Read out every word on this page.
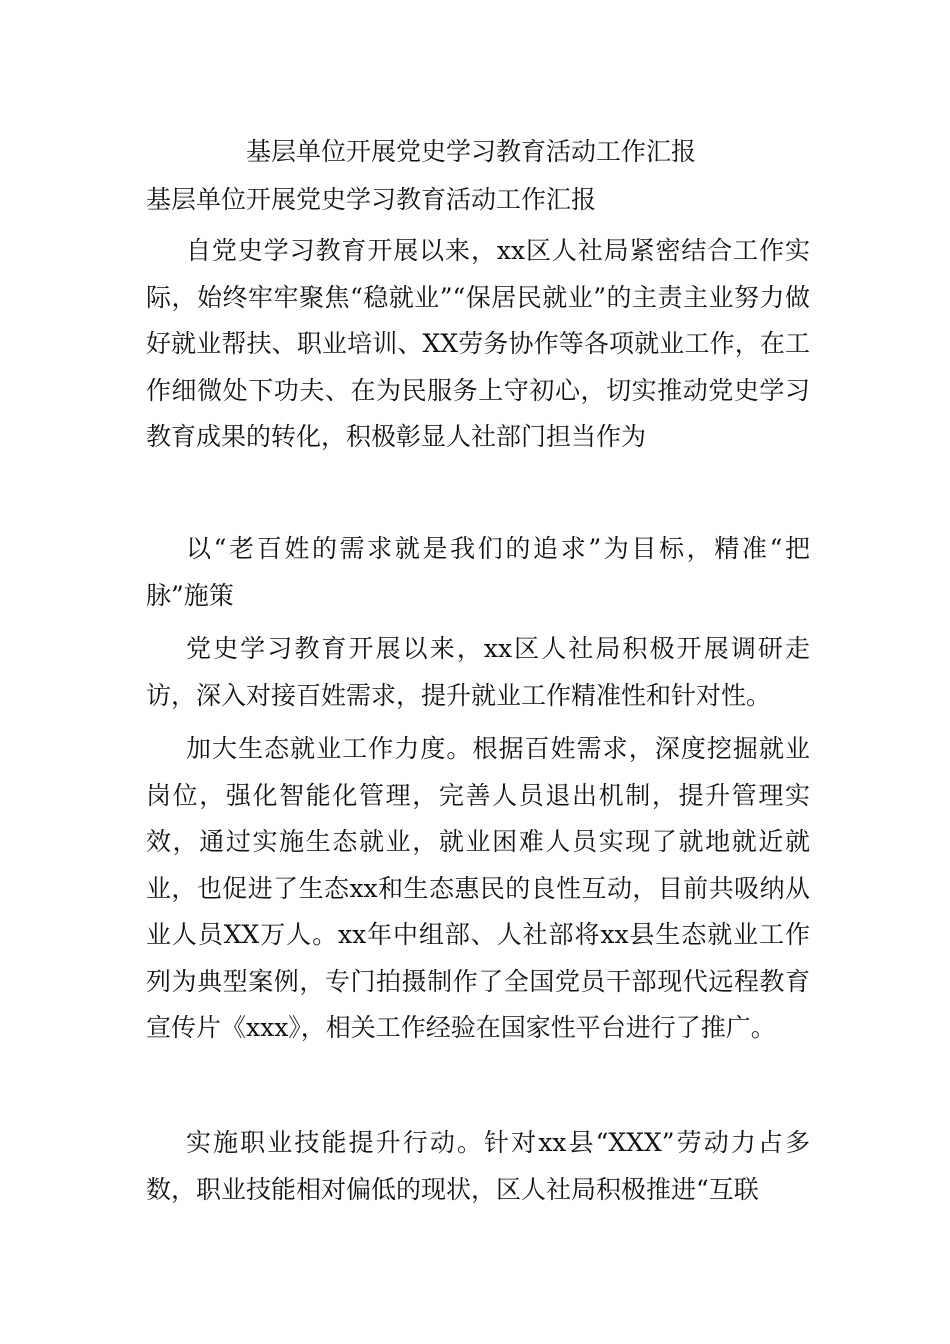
基层单位开展党史学习教育活动工作汇报
基层单位开展党史学习教育活动工作汇报

自党史学习教育开展以来，xx区人社局紧密结合工作实际，始终牢牢聚焦“稳就业”“保居民就业”的主责主业努力做好就业帮扶、职业培训、XX劳务协作等各项就业工作，在工作细微处下功夫、在为民服务上守初心，切实推动党史学习教育成果的转化，积极彰显人社部门担当作为

以“老百姓的需求就是我们的追求”为目标，精准“把脉”施策

党史学习教育开展以来，xx区人社局积极开展调研走访，深入对接百姓需求，提升就业工作精准性和针对性。

加大生态就业工作力度。根据百姓需求，深度挖掘就业岗位，强化智能化管理，完善人员退出机制，提升管理实效，通过实施生态就业，就业困难人员实现了就地就近就业，也促进了生态xx和生态惠民的良性互动，目前共吸纳从业人员XX万人。xx年中组部、人社部将xx县生态就业工作列为典型案例，专门拍摄制作了全国党员干部现代远程教育宣传片《xxx》，相关工作经验在国家性平台进行了推广。

实施职业技能提升行动。针对xx县“XXX”劳动力占多数，职业技能相对偏低的现状，区人社局积极推进“互联
